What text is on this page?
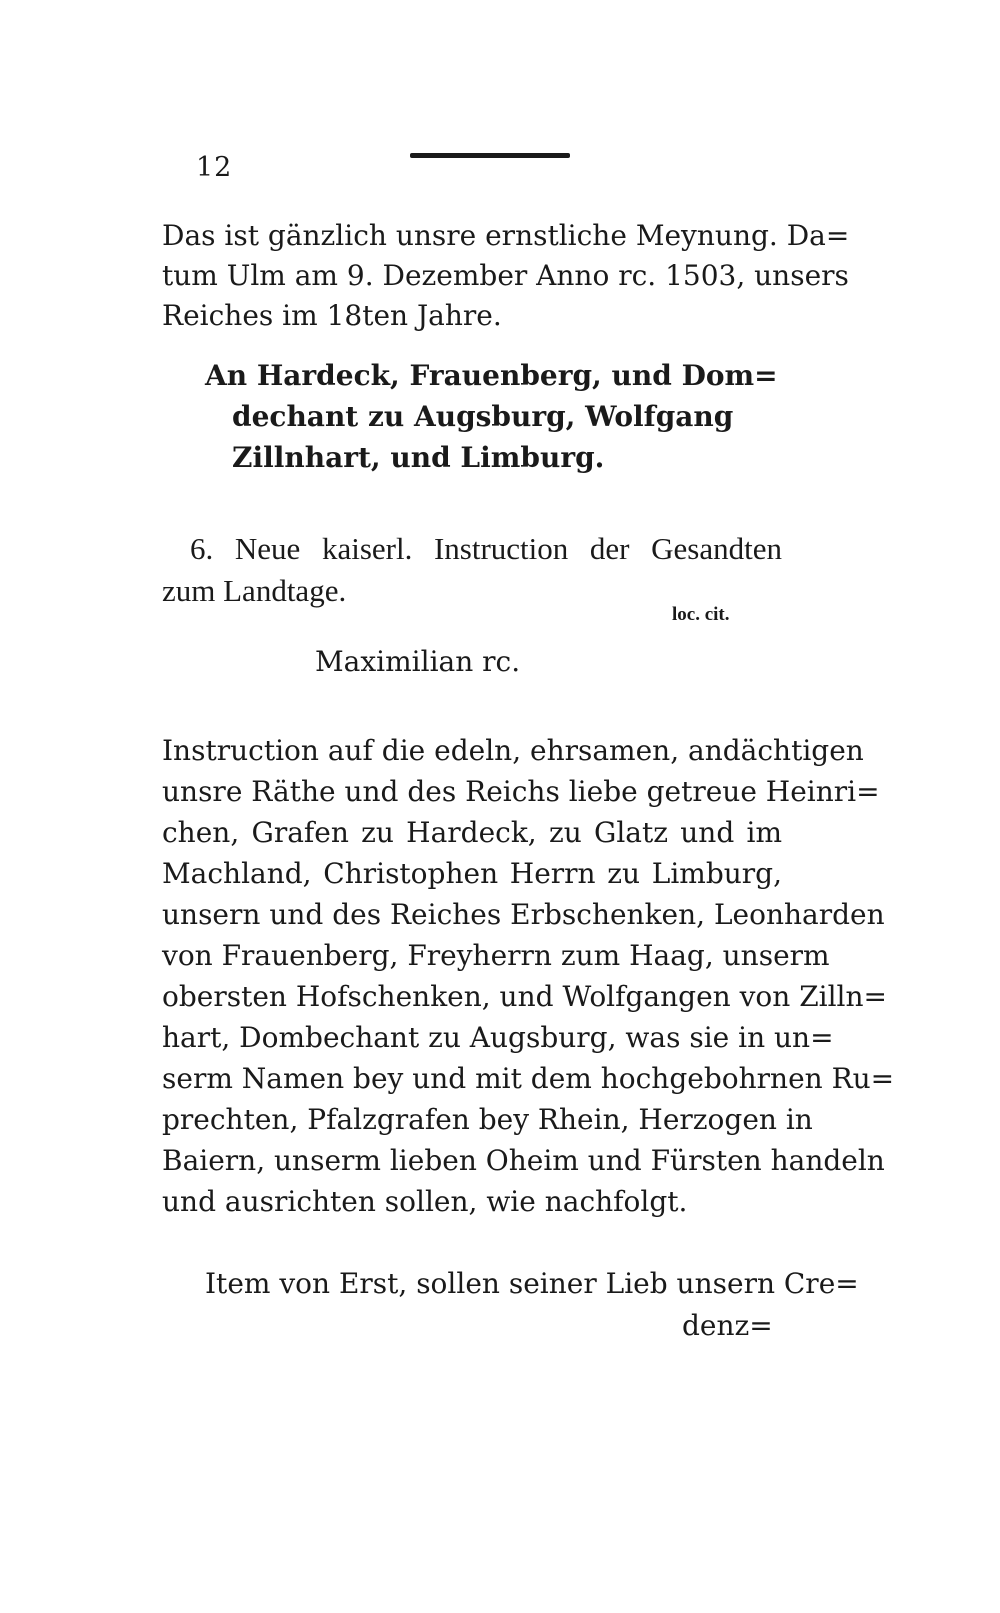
12
Das ist gänzlich unsre ernstliche Meynung. Da=
tum Ulm am 9. Dezember Anno rc. 1503, unsers
Reiches im 18ten Jahre.
An Hardeck, Frauenberg, und Dom=
dechant zu Augsburg, Wolfgang
Zillnhart, und Limburg.
6. Neue kaiserl. Instruction der Gesandten
zum Landtage.
loc. cit.
Maximilian rc.
Instruction auf die edeln, ehrsamen, andächtigen
unsre Räthe und des Reichs liebe getreue Heinri=
chen, Grafen zu Hardeck, zu Glatz und im
Machland, Christophen Herrn zu Limburg,
unsern und des Reiches Erbschenken, Leonharden
von Frauenberg, Freyherrn zum Haag, unserm
obersten Hofschenken, und Wolfgangen von Zilln=
hart, Dombechant zu Augsburg, was sie in un=
serm Namen bey und mit dem hochgebohrnen Ru=
prechten, Pfalzgrafen bey Rhein, Herzogen in
Baiern, unserm lieben Oheim und Fürsten handeln
und ausrichten sollen, wie nachfolgt.
Item von Erst, sollen seiner Lieb unsern Cre=
denz=
